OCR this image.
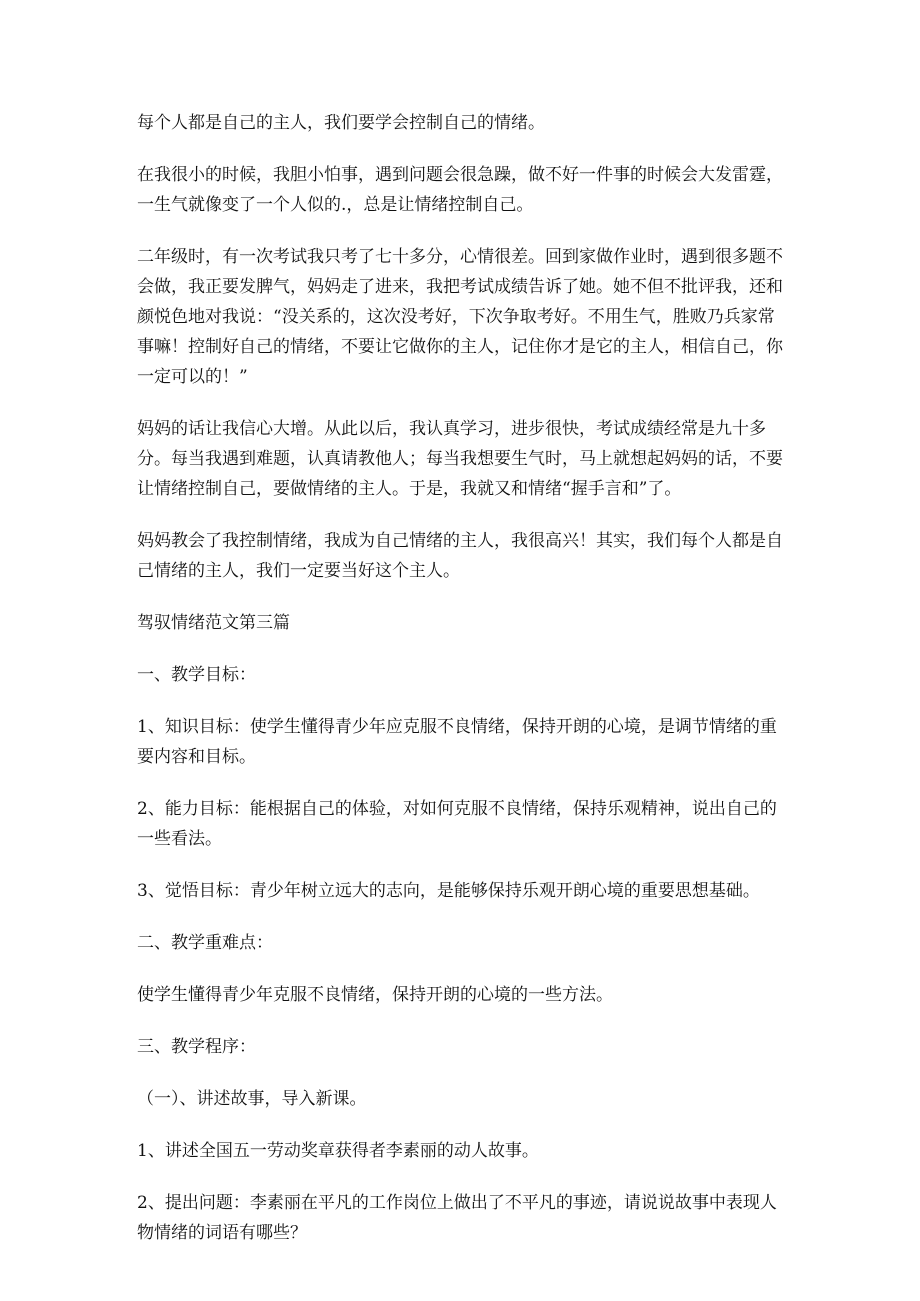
每个人都是自己的主人，我们要学会控制自己的情绪。

在我很小的时候，我胆小怕事，遇到问题会很急躁，做不好一件事的时候会大发雷霆，一生气就像变了一个人似的.，总是让情绪控制自己。

二年级时，有一次考试我只考了七十多分，心情很差。回到家做作业时，遇到很多题不会做，我正要发脾气，妈妈走了进来，我把考试成绩告诉了她。她不但不批评我，还和颜悦色地对我说：“没关系的，这次没考好，下次争取考好。不用生气，胜败乃兵家常事嘛！控制好自己的情绪，不要让它做你的主人，记住你才是它的主人，相信自己，你一定可以的！”

妈妈的话让我信心大增。从此以后，我认真学习，进步很快，考试成绩经常是九十多分。每当我遇到难题，认真请教他人；每当我想要生气时，马上就想起妈妈的话，不要让情绪控制自己，要做情绪的主人。于是，我就又和情绪“握手言和”了。

妈妈教会了我控制情绪，我成为自己情绪的主人，我很高兴！其实，我们每个人都是自己情绪的主人，我们一定要当好这个主人。

驾驭情绪范文第三篇

一、教学目标：

1、知识目标：使学生懂得青少年应克服不良情绪，保持开朗的心境，是调节情绪的重要内容和目标。

2、能力目标：能根据自己的体验，对如何克服不良情绪，保持乐观精神，说出自己的一些看法。

3、觉悟目标：青少年树立远大的志向，是能够保持乐观开朗心境的重要思想基础。

二、教学重难点：

使学生懂得青少年克服不良情绪，保持开朗的心境的一些方法。

三、教学程序：

（一）、讲述故事，导入新课。

1、讲述全国五一劳动奖章获得者李素丽的动人故事。

2、提出问题：李素丽在平凡的工作岗位上做出了不平凡的事迹，请说说故事中表现人物情绪的词语有哪些？
